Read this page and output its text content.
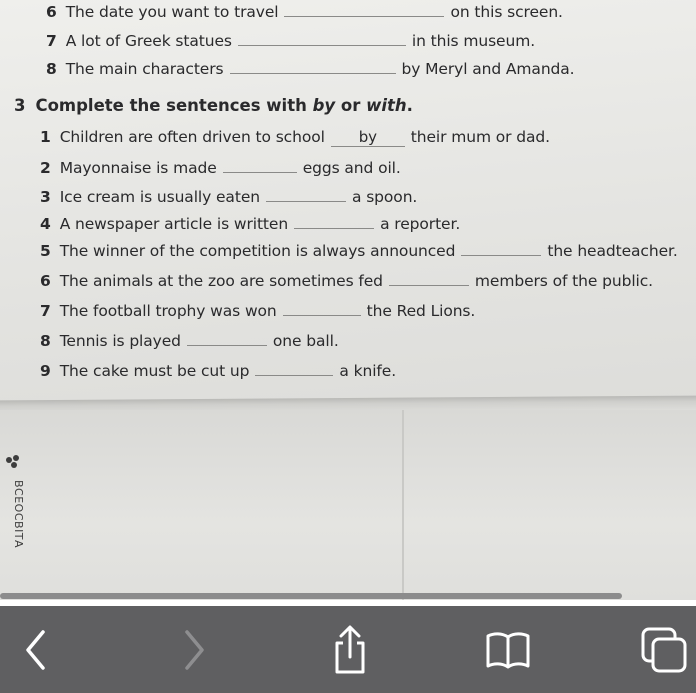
6 The date you want to travel	on this screen.
7 A lot of Greek statues	in this museum.
8 The main characters	by Meryl and Amanda.
3 Complete the sentences with by or with.
1 Children are often driven to school by their mum or dad.
2 Mayonnaise is made	eggs and oil.
3 Ice cream is usually eaten	a spoon.
4 A newspaper article is written	a reporter.
5 The winner of the competition is always announced	the headteacher.
6 The animals at the zoo are sometimes fed	members of the public.
7 The football trophy was won	the Red Lions.
8 Tennis is played	one ball.
9 The cake must be cut up	a knife.
ВСЕОСВІТА
